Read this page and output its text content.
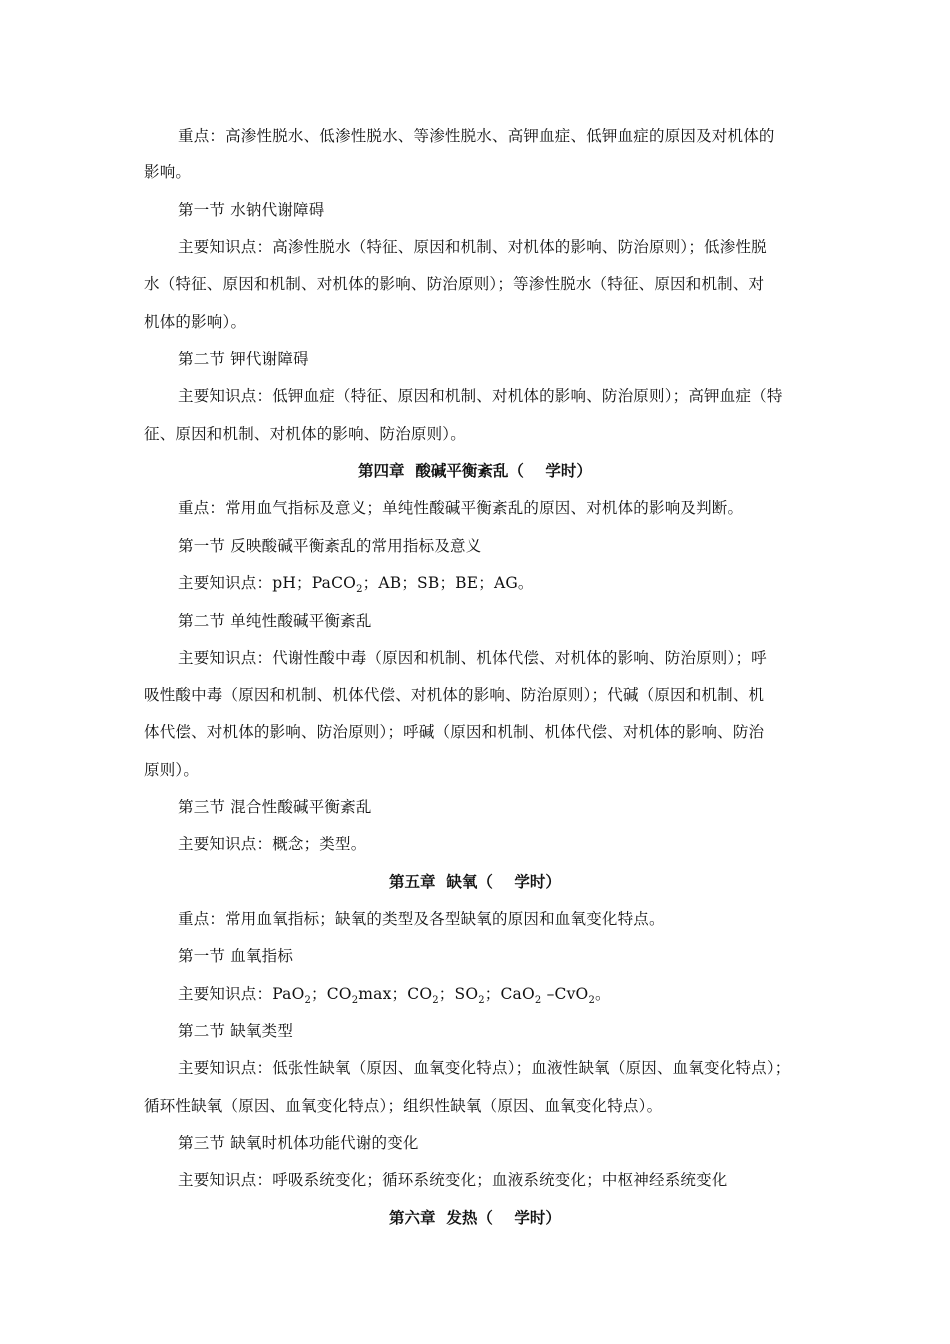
重点：高渗性脱水、低渗性脱水、等渗性脱水、高钾血症、低钾血症的原因及对机体的
影响。
第一节 水钠代谢障碍
主要知识点：高渗性脱水（特征、原因和机制、对机体的影响、防治原则）；低渗性脱
水（特征、原因和机制、对机体的影响、防治原则）；等渗性脱水（特征、原因和机制、对
机体的影响）。
第二节 钾代谢障碍
主要知识点：低钾血症（特征、原因和机制、对机体的影响、防治原则）；高钾血症（特
征、原因和机制、对机体的影响、防治原则）。
第四章  酸碱平衡紊乱（    学时）
重点：常用血气指标及意义；单纯性酸碱平衡紊乱的原因、对机体的影响及判断。
第一节 反映酸碱平衡紊乱的常用指标及意义
主要知识点：pH；PaCO$_2$；AB；SB；BE；AG。
第二节 单纯性酸碱平衡紊乱
主要知识点：代谢性酸中毒（原因和机制、机体代偿、对机体的影响、防治原则）；呼
吸性酸中毒（原因和机制、机体代偿、对机体的影响、防治原则）；代碱（原因和机制、机
体代偿、对机体的影响、防治原则）；呼碱（原因和机制、机体代偿、对机体的影响、防治
原则）。
第三节 混合性酸碱平衡紊乱
主要知识点：概念；类型。
第五章  缺氧（    学时）
重点：常用血氧指标；缺氧的类型及各型缺氧的原因和血氧变化特点。
第一节 血氧指标
主要知识点：PaO$_2$；$CO_2\max$；$CO_2$；$SO_2$；CaO$_2$ –CvO$_2$。
第二节 缺氧类型
主要知识点：低张性缺氧（原因、血氧变化特点）；血液性缺氧（原因、血氧变化特点）；
循环性缺氧（原因、血氧变化特点）；组织性缺氧（原因、血氧变化特点）。
第三节 缺氧时机体功能代谢的变化
主要知识点：呼吸系统变化；循环系统变化；血液系统变化；中枢神经系统变化
第六章  发热（    学时）
